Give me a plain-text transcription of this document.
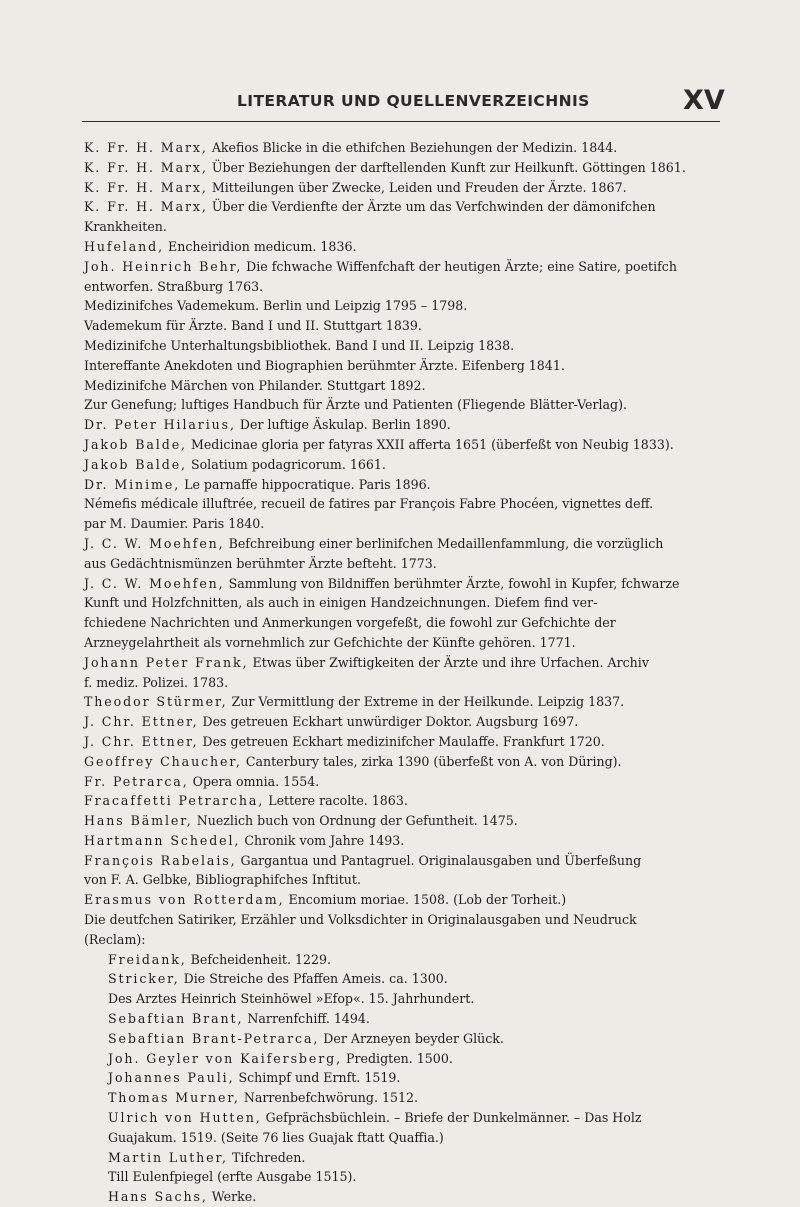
LITERATUR UND QUELLENVERZEICHNIS	XV
K. Fr. H. Marx, Akefios Blicke in die ethifchen Beziehungen der Medizin. 1844.
K. Fr. H. Marx, Über Beziehungen der darftellenden Kunft zur Heilkunft. Göttingen 1861.
K. Fr. H. Marx, Mitteilungen über Zwecke, Leiden und Freuden der Ärzte. 1867.
K. Fr. H. Marx, Über die Verdienfte der Ärzte um das Verfchwinden der dämonifchen
Krankheiten.
Hufeland, Encheiridion medicum. 1836.
Joh. Heinrich Behr, Die fchwache Wiffenfchaft der heutigen Ärzte; eine Satire, poetifch
entworfen. Straßburg 1763.
Medizinifches Vademekum. Berlin und Leipzig 1795 – 1798.
Vademekum für Ärzte. Band I und II. Stuttgart 1839.
Medizinifche Unterhaltungsbibliothek. Band I und II. Leipzig 1838.
Intereffante Anekdoten und Biographien berühmter Ärzte. Eifenberg 1841.
Medizinifche Märchen von Philander. Stuttgart 1892.
Zur Genefung; luftiges Handbuch für Ärzte und Patienten (Fliegende Blätter-Verlag).
Dr. Peter Hilarius, Der luftige Äskulap. Berlin 1890.
Jakob Balde, Medicinae gloria per fatyras XXII afferta 1651 (überfeßt von Neubig 1833).
Jakob Balde, Solatium podagricorum. 1661.
Dr. Minime, Le parnaffe hippocratique. Paris 1896.
Némefis médicale illuftrée, recueil de fatires par François Fabre Phocéen, vignettes deff.
par M. Daumier. Paris 1840.
J. C. W. Moehfen, Befchreibung einer berlinifchen Medaillenfammlung, die vorzüglich
aus Gedächtnismünzen berühmter Ärzte befteht. 1773.
J. C. W. Moehfen, Sammlung von Bildniffen berühmter Ärzte, fowohl in Kupfer, fchwarze
Kunft und Holzfchnitten, als auch in einigen Handzeichnungen. Diefem find ver-
fchiedene Nachrichten und Anmerkungen vorgefeßt, die fowohl zur Gefchichte der
Arzneygelahrtheit als vornehmlich zur Gefchichte der Künfte gehören. 1771.
Johann Peter Frank, Etwas über Zwiftigkeiten der Ärzte und ihre Urfachen. Archiv
f. mediz. Polizei. 1783.
Theodor Stürmer, Zur Vermittlung der Extreme in der Heilkunde. Leipzig 1837.
J. Chr. Ettner, Des getreuen Eckhart unwürdiger Doktor. Augsburg 1697.
J. Chr. Ettner, Des getreuen Eckhart medizinifcher Maulaffe. Frankfurt 1720.
Geoffrey Chaucher, Canterbury tales, zirka 1390 (überfeßt von A. von Düring).
Fr. Petrarca, Opera omnia. 1554.
Fracaffetti Petrarcha, Lettere racolte. 1863.
Hans Bämler, Nuezlich buch von Ordnung der Gefuntheit. 1475.
Hartmann Schedel, Chronik vom Jahre 1493.
François Rabelais, Gargantua und Pantagruel. Originalausgaben und Überfeßung
von F. A. Gelbke, Bibliographifches Inftitut.
Erasmus von Rotterdam, Encomium moriae. 1508. (Lob der Torheit.)
Die deutfchen Satiriker, Erzähler und Volksdichter in Originalausgaben und Neudruck
(Reclam):
Freidank, Befcheidenheit. 1229.
Stricker, Die Streiche des Pfaffen Ameis. ca. 1300.
Des Arztes Heinrich Steinhöwel »Efop«. 15. Jahrhundert.
Sebaftian Brant, Narrenfchiff. 1494.
Sebaftian Brant-Petrarca, Der Arzneyen beyder Glück.
Joh. Geyler von Kaifersberg, Predigten. 1500.
Johannes Pauli, Schimpf und Ernft. 1519.
Thomas Murner, Narrenbefchwörung. 1512.
Ulrich von Hutten, Gefprächsbüchlein. – Briefe der Dunkelmänner. – Das Holz
Guajakum. 1519. (Seite 76 lies Guajak ftatt Quaffia.)
Martin Luther, Tifchreden.
Till Eulenfpiegel (erfte Ausgabe 1515).
Hans Sachs, Werke.
